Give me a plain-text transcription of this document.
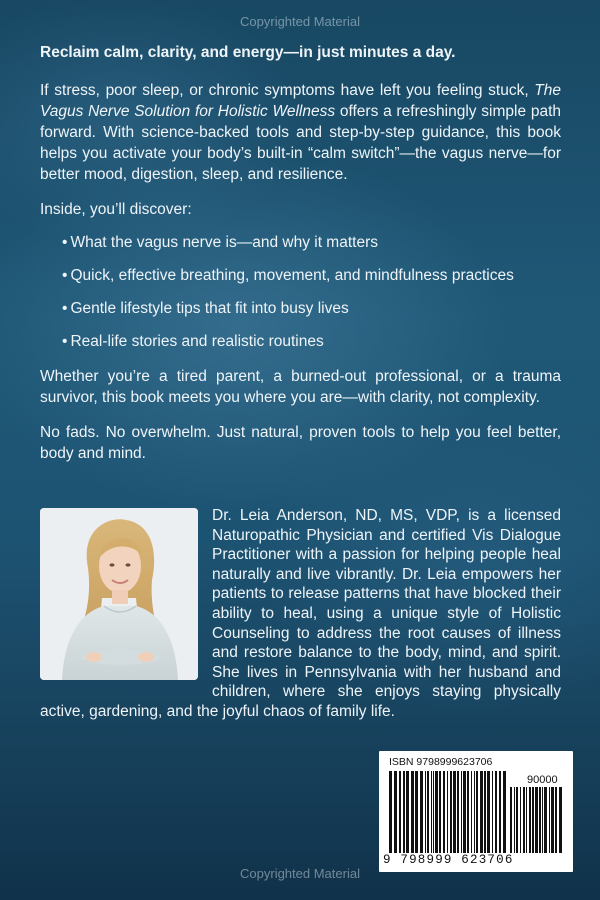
Copyrighted Material

Reclaim calm, clarity, and energy—in just minutes a day.

If stress, poor sleep, or chronic symptoms have left you feeling stuck, The Vagus Nerve Solution for Holistic Wellness offers a refreshingly simple path forward. With science-backed tools and step-by-step guidance, this book helps you activate your body’s built-in “calm switch”—the vagus nerve—for better mood, digestion, sleep, and resilience.

Inside, you’ll discover:

• What the vagus nerve is—and why it matters
• Quick, effective breathing, movement, and mindfulness practices
• Gentle lifestyle tips that fit into busy lives
• Real-life stories and realistic routines

Whether you’re a tired parent, a burned-out professional, or a trauma survivor, this book meets you where you are—with clarity, not complexity.

No fads. No overwhelm. Just natural, proven tools to help you feel better, body and mind.

Dr. Leia Anderson, ND, MS, VDP, is a licensed Naturopathic Physician and certified Vis Dialogue Practitioner with a passion for helping people heal naturally and live vibrantly. Dr. Leia empowers her patients to release patterns that have blocked their ability to heal, using a unique style of Holistic Counseling to address the root causes of illness and restore balance to the body, mind, and spirit. She lives in Pennsylvania with her husband and children, where she enjoys staying physically active, gardening, and the joyful chaos of family life.

ISBN 9798999623706
90000
9 798999 623706
Copyrighted Material
